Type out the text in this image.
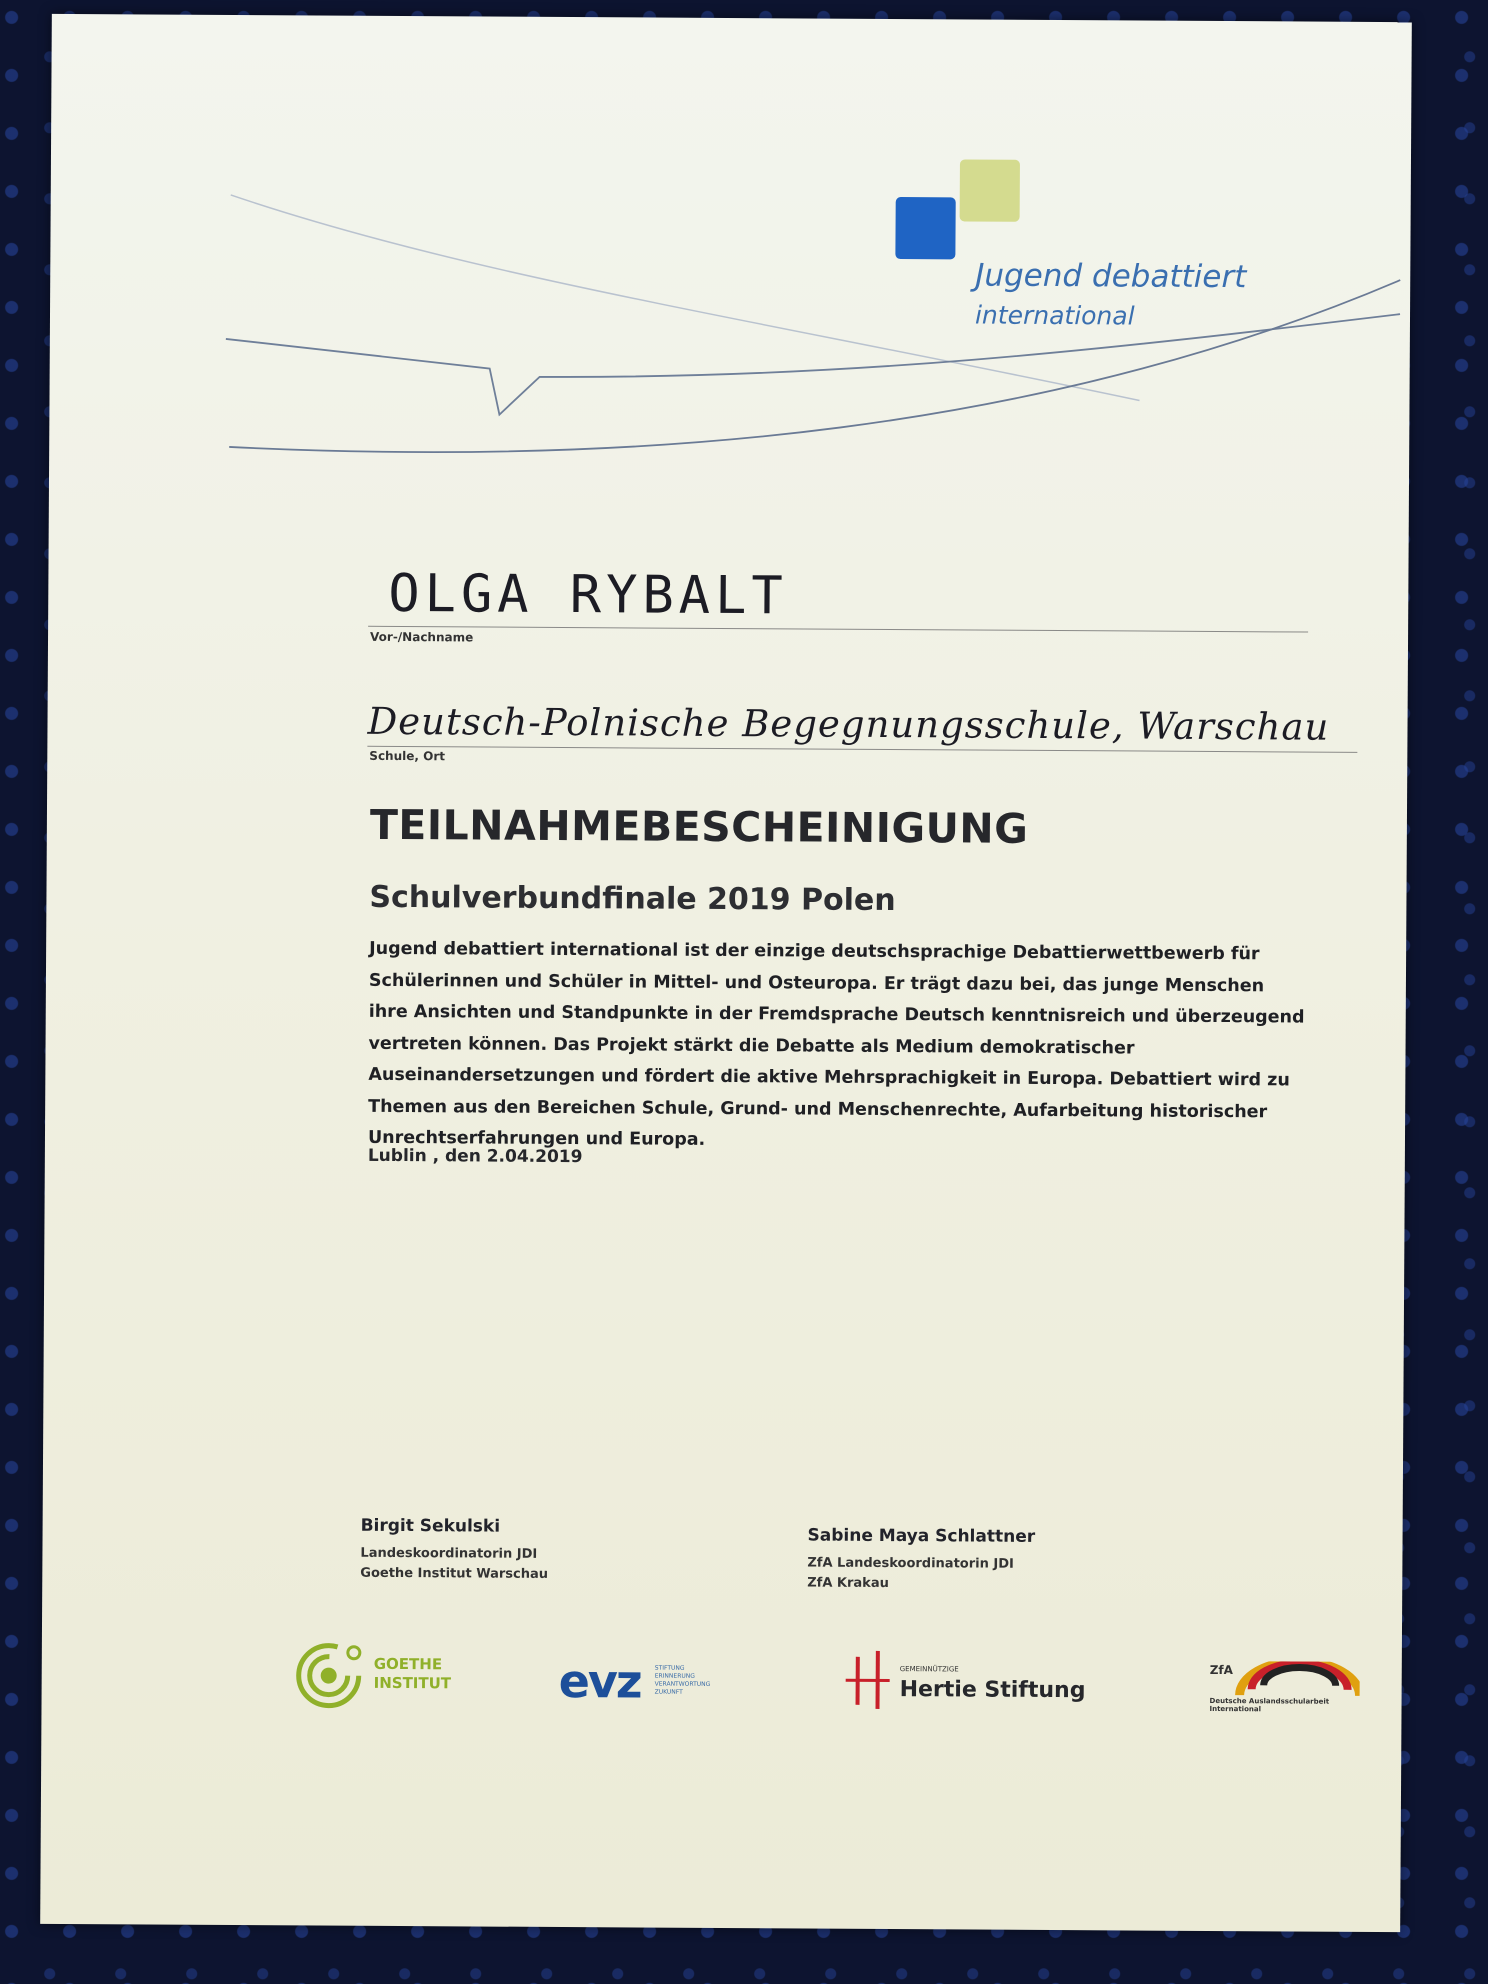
Jugend debattiert
international
OLGA RYBALT
Vor-/Nachname
Deutsch-Polnische Begegnungsschule, Warschau
Schule, Ort
TEILNAHMEBESCHEINIGUNG
Schulverbundfinale 2019 Polen
Jugend debattiert international ist der einzige deutschsprachige Debattierwettbewerb für Schülerinnen und Schüler in Mittel- und Osteuropa. Er trägt dazu bei, das junge Menschen ihre Ansichten und Standpunkte in der Fremdsprache Deutsch kenntnisreich und überzeugend vertreten können. Das Projekt stärkt die Debatte als Medium demokratischer Auseinandersetzungen und fördert die aktive Mehrsprachigkeit in Europa. Debattiert wird zu Themen aus den Bereichen Schule, Grund- und Menschenrechte, Aufarbeitung historischer Unrechtserfahrungen und Europa.
Lublin , den 2.04.2019
Birgit Sekulski
Landeskoordinatorin JDI
Goethe Institut Warschau
Sabine Maya Schlattner
ZfA Landeskoordinatorin JDI
ZfA Krakau
GOETHE
INSTITUT evz STIFTUNG ERINNERUNG VERANTWORTUNG ZUKUNFT
GEMEINNÜTZIGE
Hertie Stiftung
ZfA
Deutsche Auslandsschularbeit International
